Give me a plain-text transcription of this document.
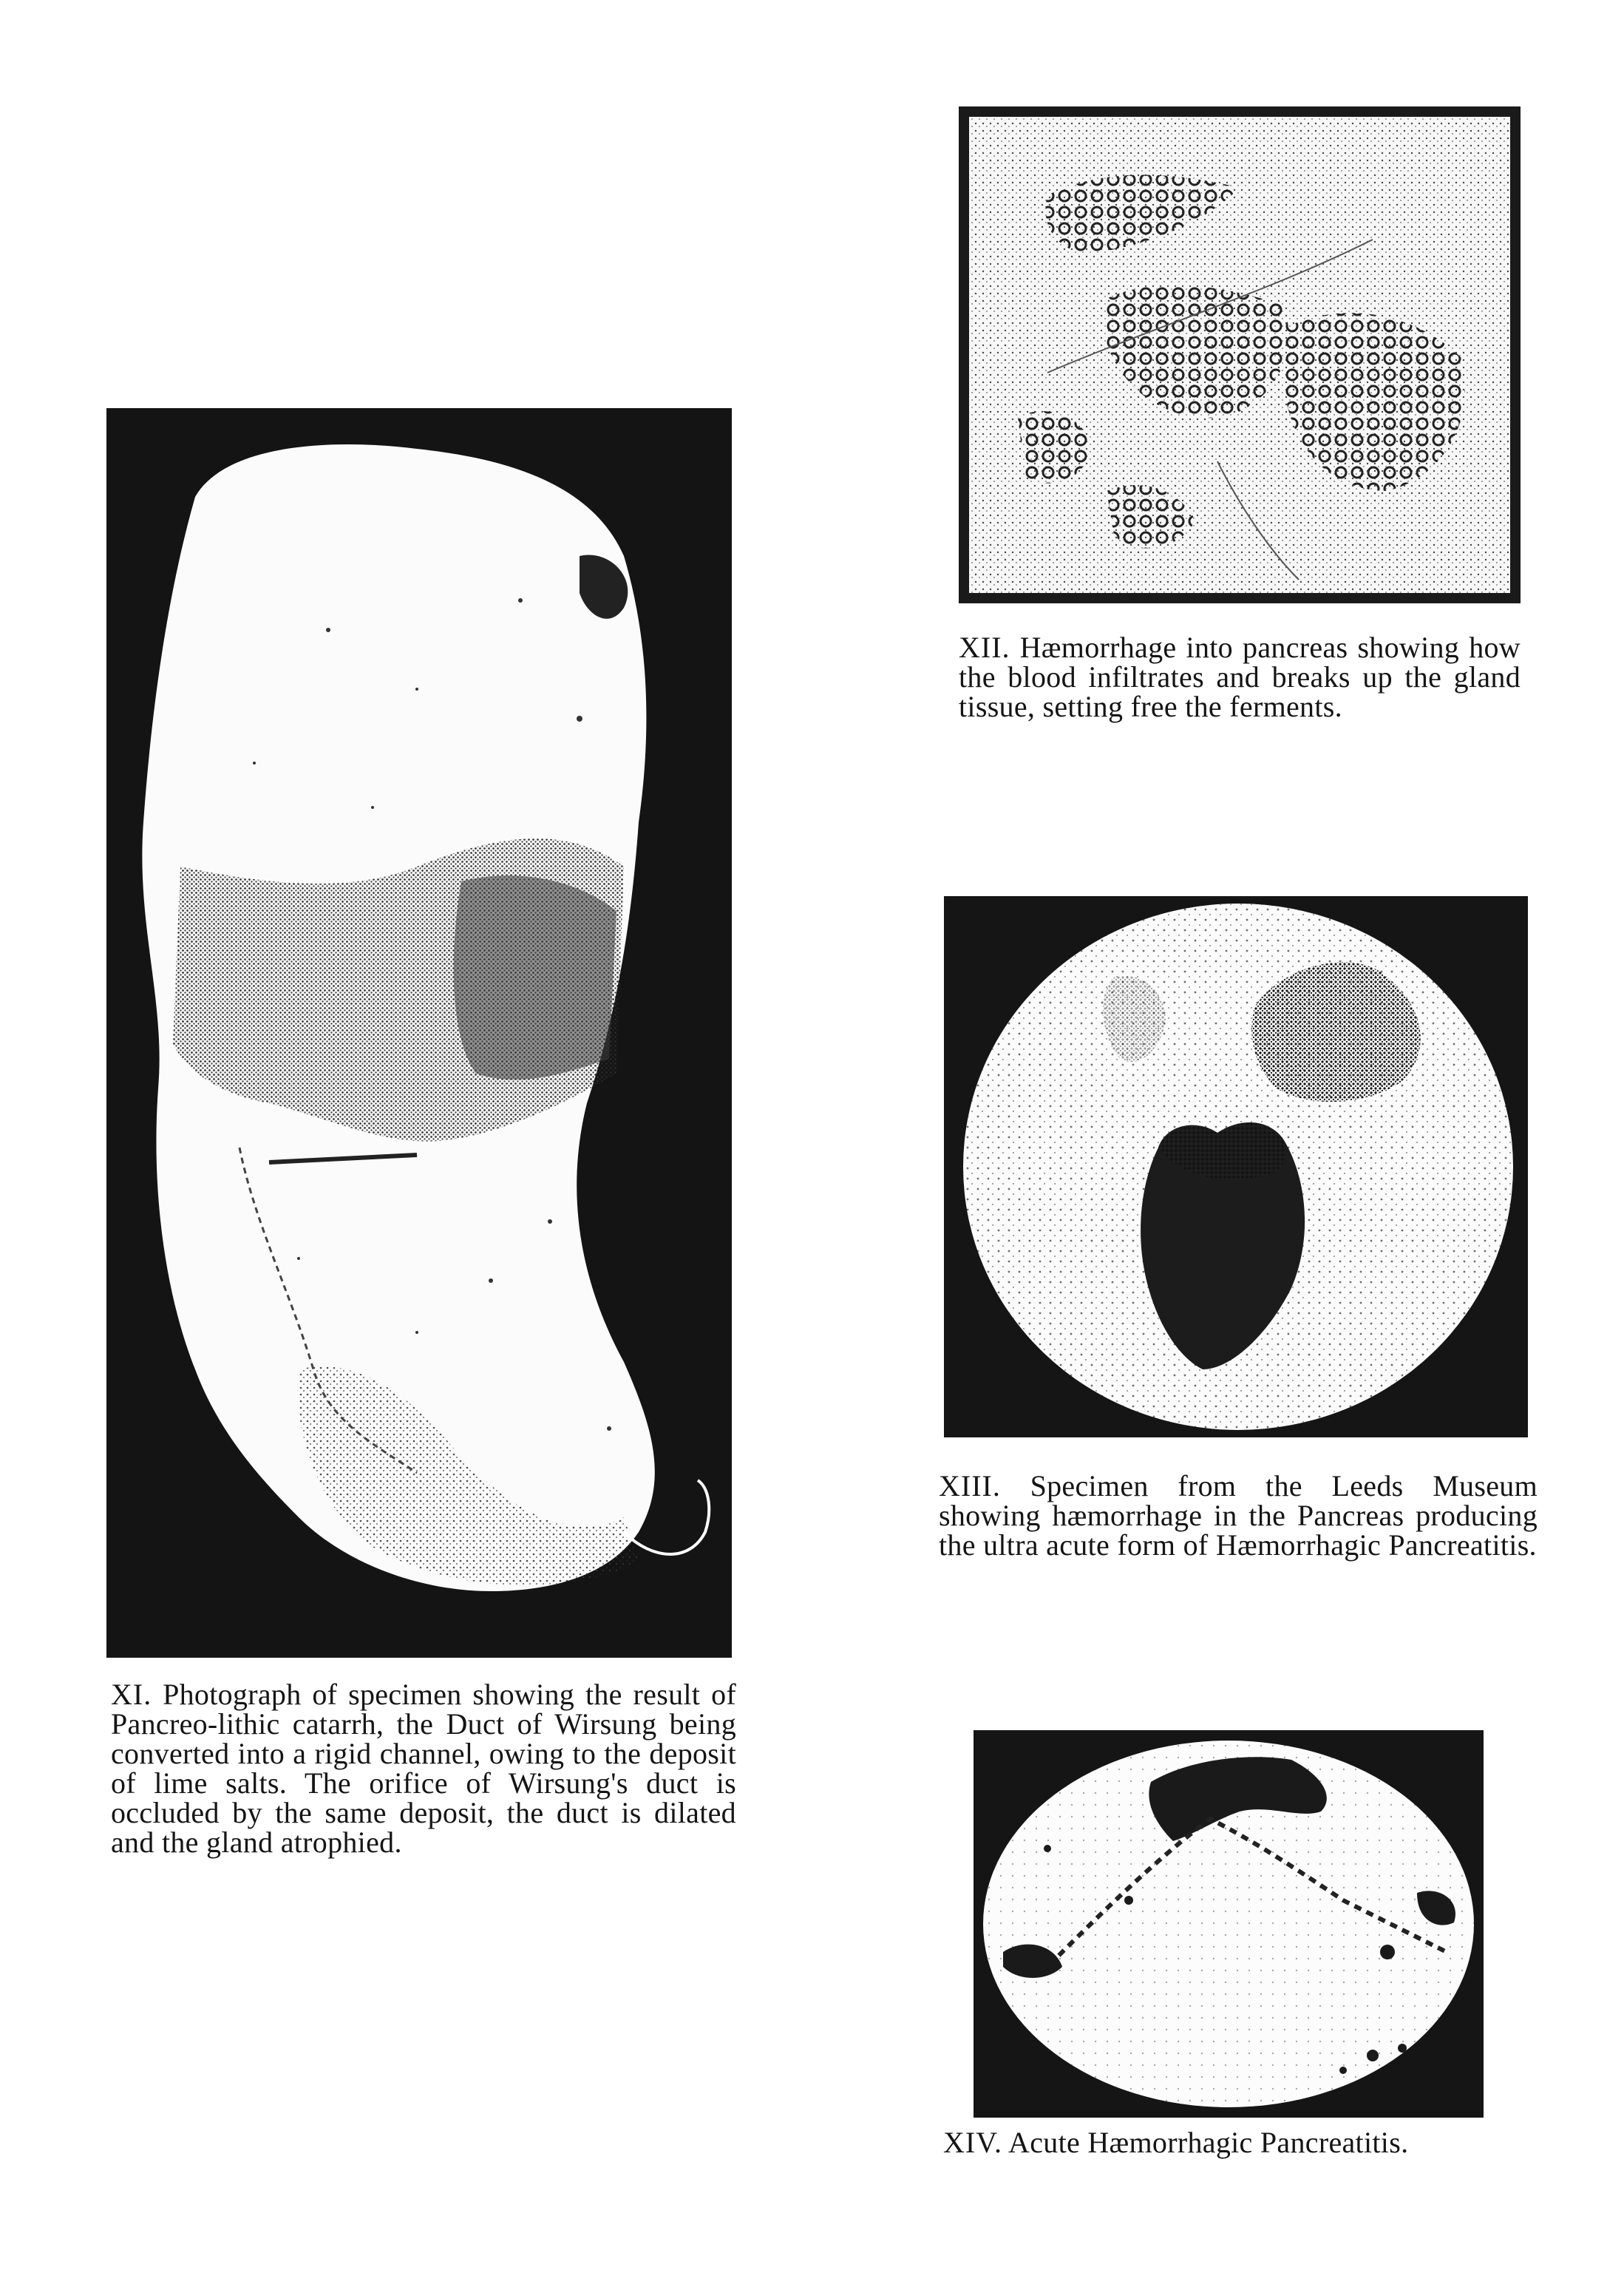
XI. Photograph of specimen showing the result of Pancreo-lithic catarrh, the Duct of Wirsung being converted into a rigid channel, owing to the deposit of lime salts. The orifice of Wirsung's duct is occluded by the same deposit, the duct is dilated and the gland atrophied.

XII. Hæmorrhage into pancreas showing how the blood infiltrates and breaks up the gland tissue, setting free the ferments.

XIII. Specimen from the Leeds Museum showing hæmorrhage in the Pancreas producing the ultra acute form of Hæmorrhagic Pancreatitis.

XIV. Acute Hæmorrhagic Pancreatitis.
